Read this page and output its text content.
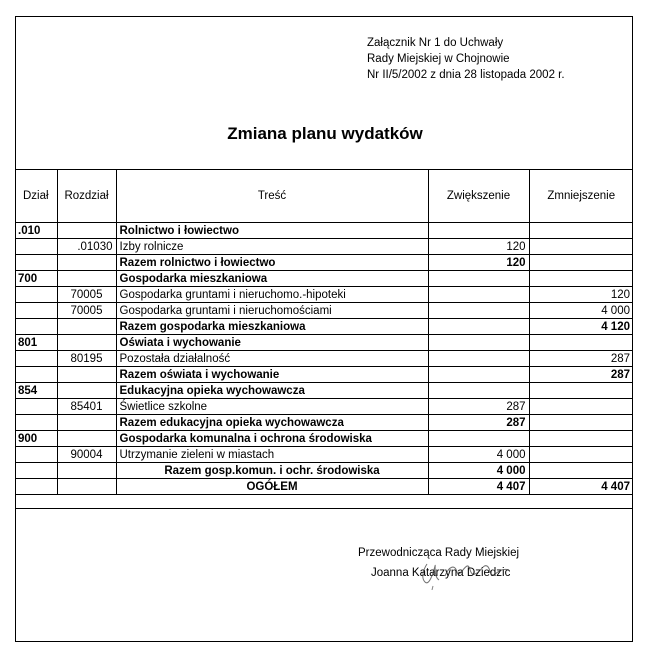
Załącznik Nr 1 do Uchwały
Rady Miejskiej w Chojnowie
Nr II/5/2002 z dnia 28 listopada 2002 r.
Zmiana planu wydatków
Dział	Rozdział	Treść	Zwiększenie	Zmniejszenie
.010		Rolnictwo i łowiectwo		
	.01030	Izby rolnicze	120	
		Razem rolnictwo i łowiectwo	120	
700		Gospodarka mieszkaniowa		
	70005	Gospodarka gruntami i nieruchomo.-hipoteki		120
	70005	Gospodarka gruntami i nieruchomościami		4 000
		Razem gospodarka mieszkaniowa		4 120
801		Oświata i wychowanie		
	80195	Pozostała działalność		287
		Razem oświata i wychowanie		287
854		Edukacyjna opieka wychowawcza		
	85401	Świetlice szkolne	287	
		Razem edukacyjna opieka wychowawcza	287	
900		Gospodarka komunalna i ochrona środowiska		
	90004	Utrzymanie zieleni w miastach	4 000	
		Razem gosp.komun. i ochr. środowiska	4 000	
		OGÓŁEM	4 407	4 407
Przewodnicząca Rady Miejskiej
Joanna Katarzyna Dziedzic
